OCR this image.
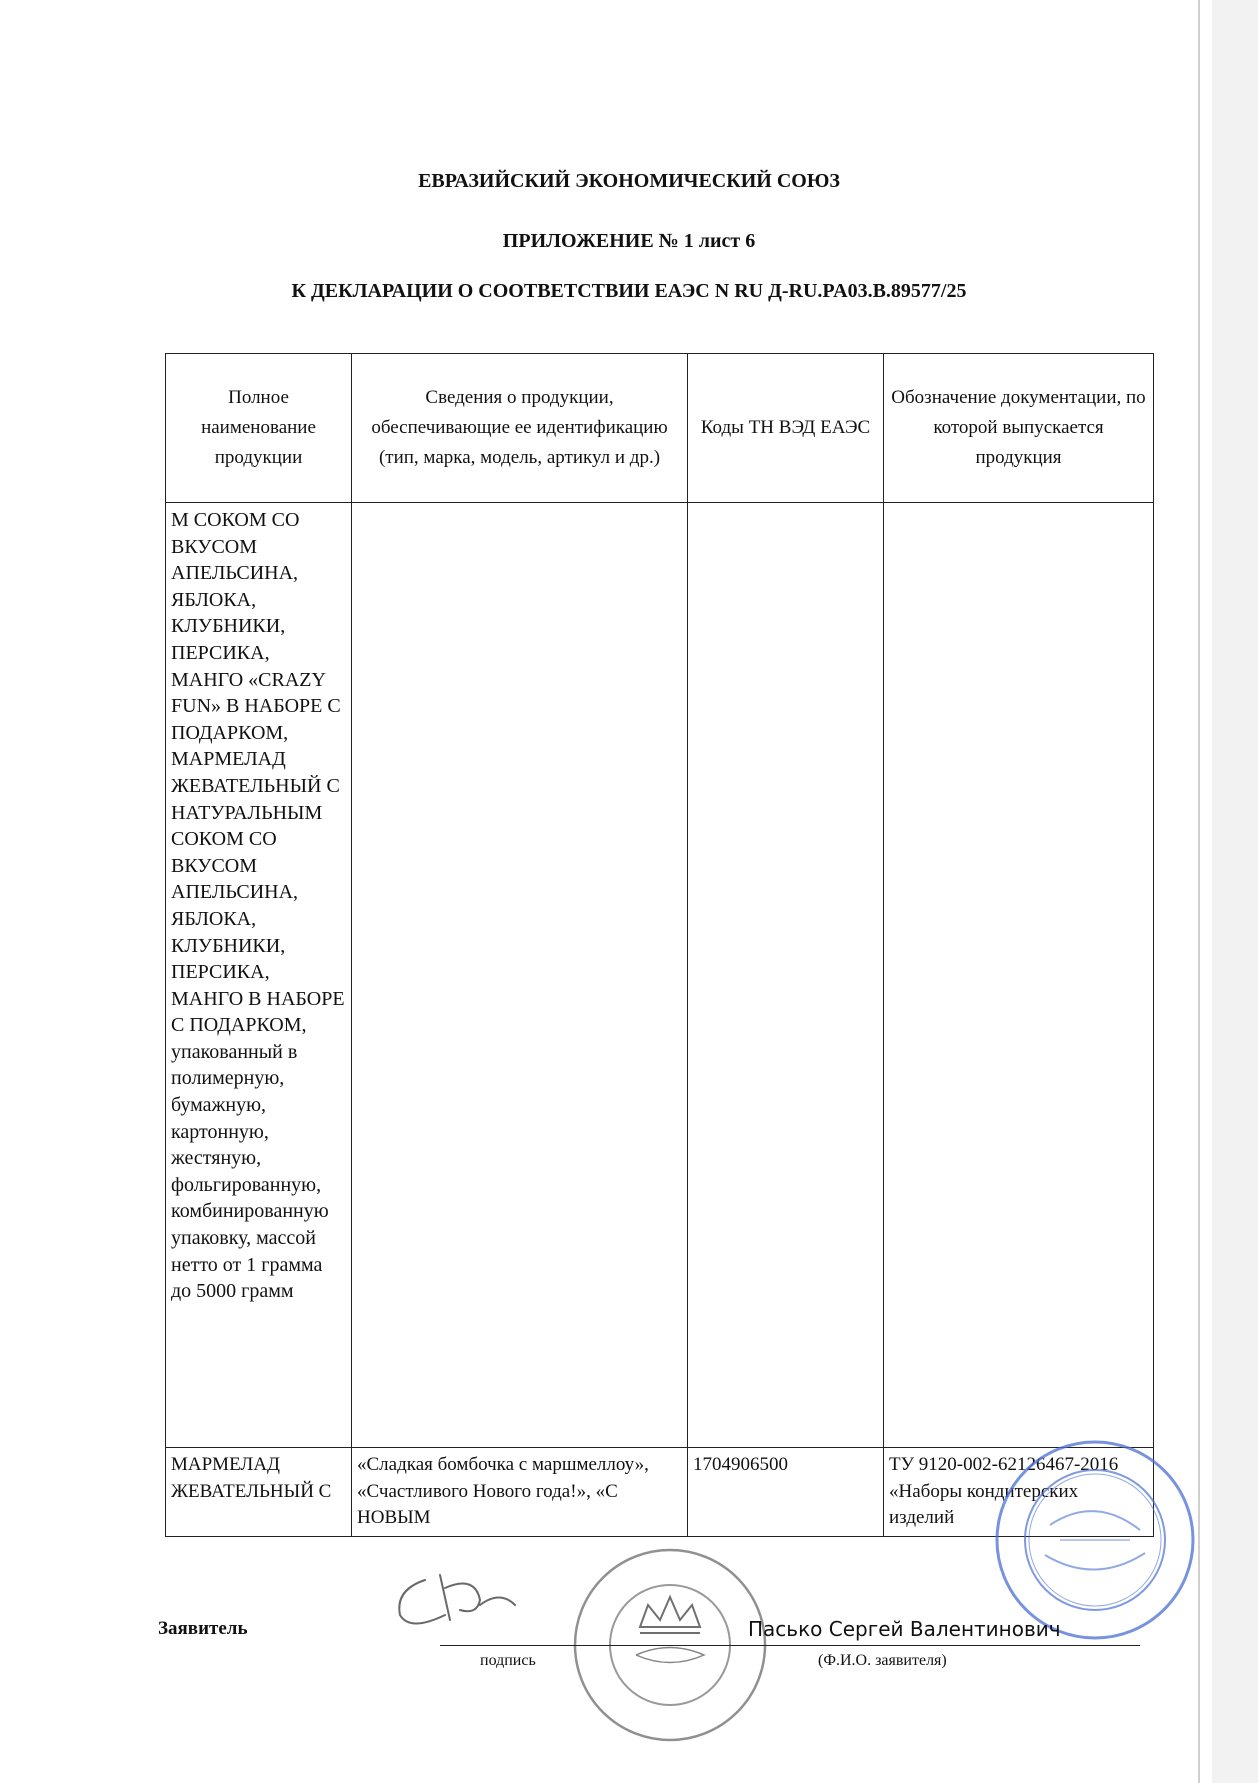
ЕВРАЗИЙСКИЙ ЭКОНОМИЧЕСКИЙ СОЮЗ
ПРИЛОЖЕНИЕ № 1 лист 6
К ДЕКЛАРАЦИИ О СООТВЕТСТВИИ ЕАЭС N RU Д-RU.PA03.B.89577/25
Полное наименование продукции	Сведения о продукции, обеспечивающие ее идентификацию (тип, марка, модель, артикул и др.)	Коды ТН ВЭД ЕАЭС	Обозначение документации, по которой выпускается продукция
М СОКОМ СО ВКУСОМ АПЕЛЬСИНА, ЯБЛОКА, КЛУБНИКИ, ПЕРСИКА, МАНГО «CRAZY FUN» В НАБОРЕ С ПОДАРКОМ, МАРМЕЛАД ЖЕВАТЕЛЬНЫЙ С НАТУРАЛЬНЫМ СОКОМ СО ВКУСОМ АПЕЛЬСИНА, ЯБЛОКА, КЛУБНИКИ, ПЕРСИКА, МАНГО В НАБОРЕ С ПОДАРКОМ, упакованный в полимерную, бумажную, картонную, жестяную, фольгированную, комбинированную упаковку, массой нетто от 1 грамма до 5000 грамм			
МАРМЕЛАД ЖЕВАТЕЛЬНЫЙ С	«Сладкая бомбочка с маршмеллоу», «Счастливого Нового года!», «С НОВЫМ	1704906500	ТУ 9120-002-62126467-2016 «Наборы кондитерских изделий
Заявитель	Пасько Сергей Валентинович
подпись	(Ф.И.О. заявителя)
